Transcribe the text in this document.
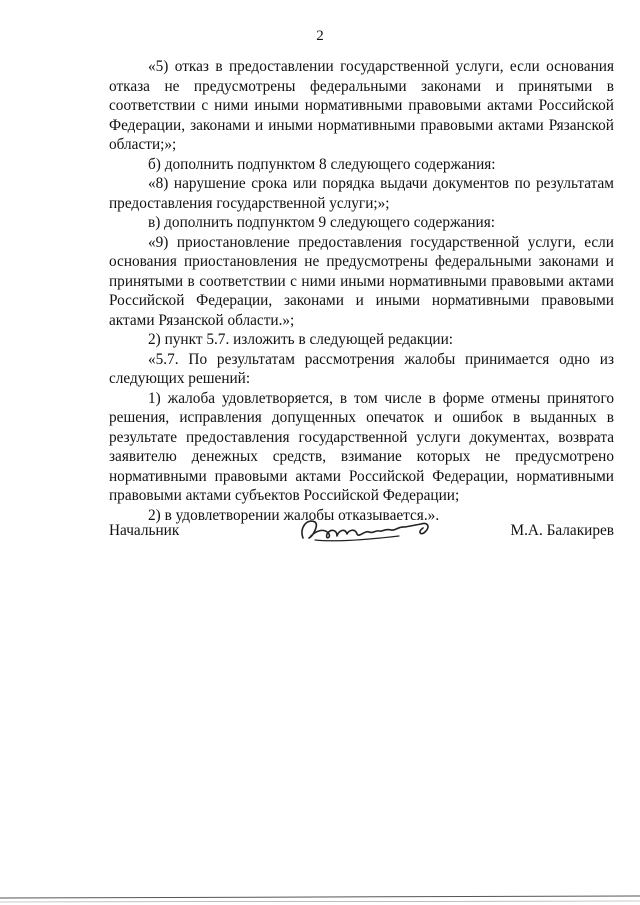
2

«5) отказ в предоставлении государственной услуги, если основания отказа не предусмотрены федеральными законами и принятыми в соответствии с ними иными нормативными правовыми актами Российской Федерации, законами и иными нормативными правовыми актами Рязанской области;»;

б) дополнить подпунктом 8 следующего содержания:

«8) нарушение срока или порядка выдачи документов по результатам предоставления государственной услуги;»;

в) дополнить подпунктом 9 следующего содержания:

«9) приостановление предоставления государственной услуги, если основания приостановления не предусмотрены федеральными законами и принятыми в соответствии с ними иными нормативными правовыми актами Российской Федерации, законами и иными нормативными правовыми актами Рязанской области.»;

2) пункт 5.7. изложить в следующей редакции:

«5.7. По результатам рассмотрения жалобы принимается одно из следующих решений:

1) жалоба удовлетворяется, в том числе в форме отмены принятого решения, исправления допущенных опечаток и ошибок в выданных в результате предоставления государственной услуги документах, возврата заявителю денежных средств, взимание которых не предусмотрено нормативными правовыми актами Российской Федерации, нормативными правовыми актами субъектов Российской Федерации;

2) в удовлетворении жалобы отказывается.».

Начальник	М.А. Балакирев
